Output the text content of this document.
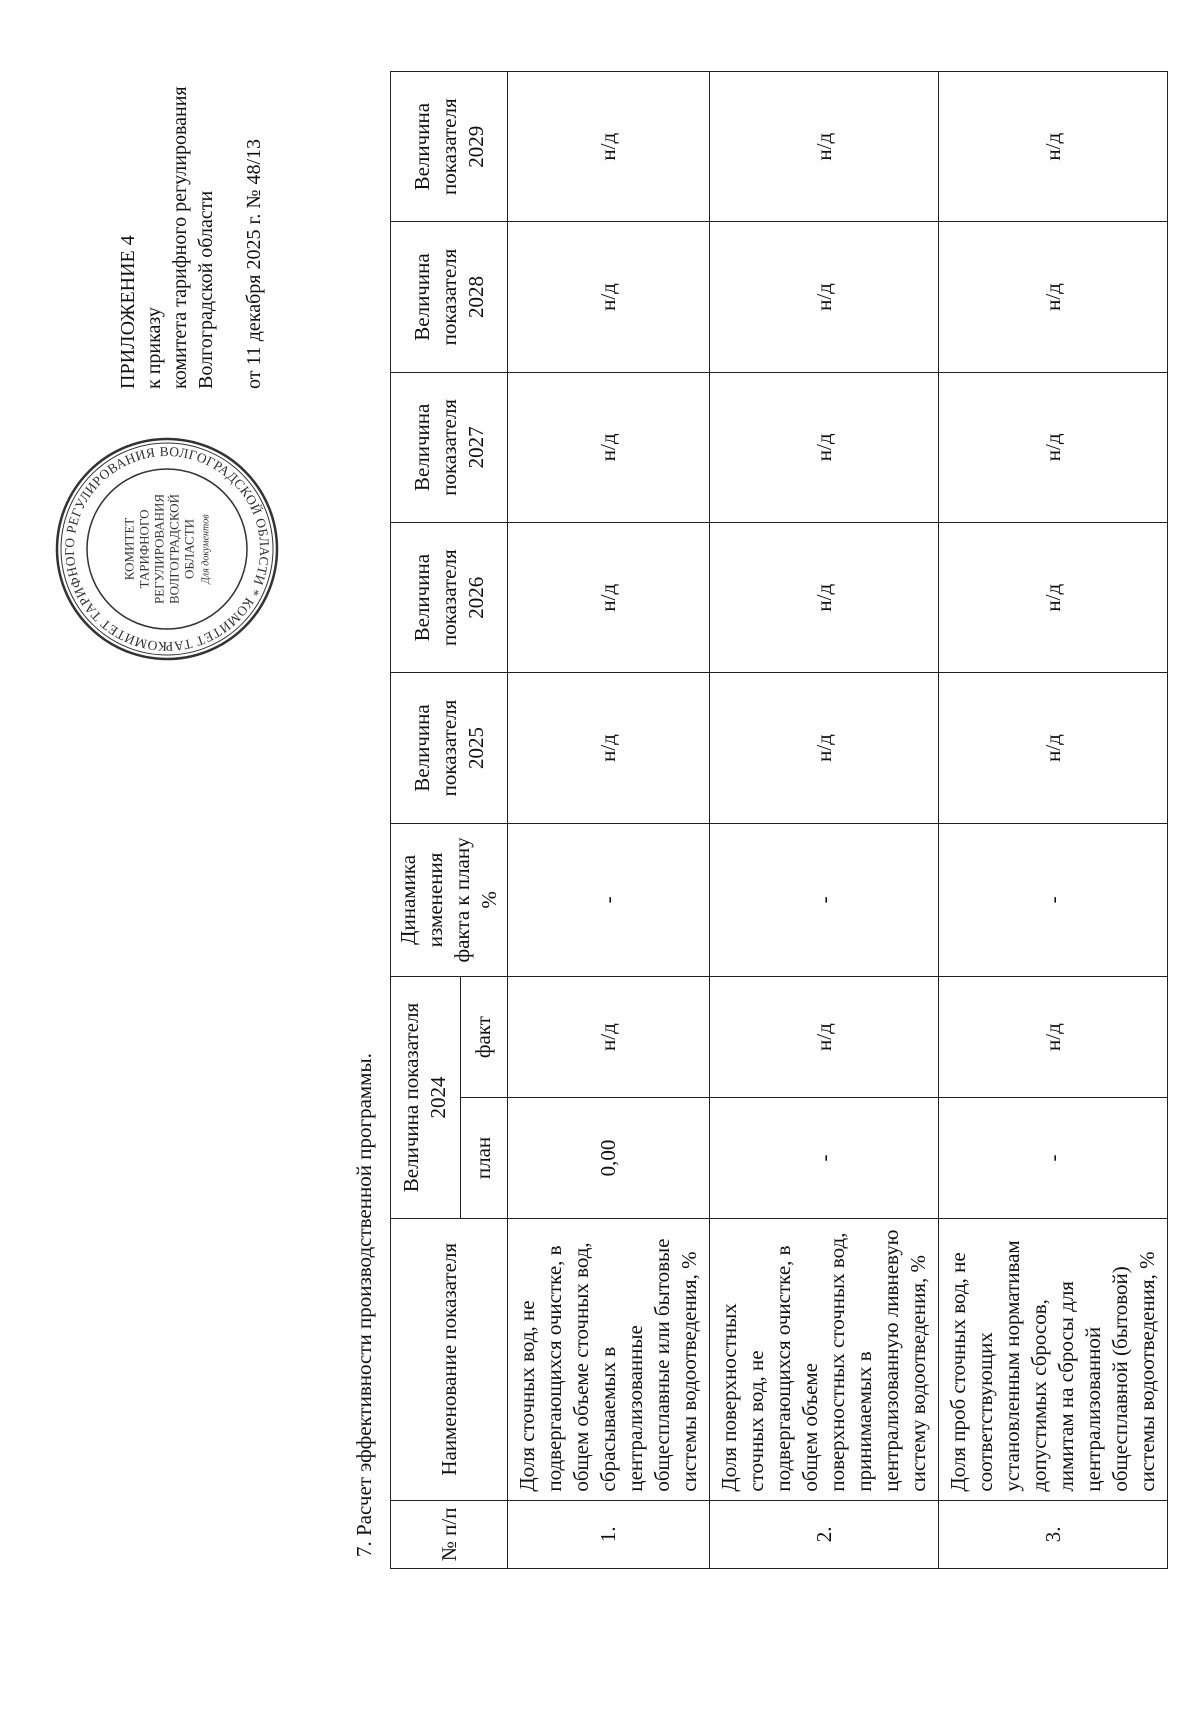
КОМИТЕТ ТАРИФНОГО РЕГУЛИРОВАНИЯ ВОЛГОГРАДСКОЙ ОБЛАСТИ * КОМИТЕТ ТАР
КОМИТЕТ ТАРИФНОГО РЕГУЛИРОВАНИЯ ВОЛГОГРАДСКОЙ ОБЛАСТИ Для документов
ПРИЛОЖЕНИЕ 4 к приказу комитета тарифного регулирования Волгоградской области от 11 декабря 2025 г. № 48/13
7. Расчет эффективности производственной программы.	№ п/п	Наименование показателя	Величина показателя 2024		Динамика изменения факта к плану %	Величина показателя 2025	Величина показателя 2026	Величина показателя 2027	Величина показателя 2028	Величина показателя 2029
		план	факт						
1.	Доля сточных вод, не подвергающихся очистке, в общем объеме сточных вод, сбрасываемых в централизованные общесплавные или бытовые системы водоотведения, %	0,00	н/д	-	н/д	н/д	н/д	н/д	н/д
2.	Доля поверхностных сточных вод, не подвергающихся очистке, в общем объеме поверхностных сточных вод, принимаемых в централизованную ливневую систему водоотведения, %	-	н/д	-	н/д	н/д	н/д	н/д	н/д
3.	Доля проб сточных вод, не соответствующих установленным нормативам допустимых сбросов, лимитам на сбросы для централизованной общесплавной (бытовой) системы водоотведения, %	-	н/д	-	н/д	н/д	н/д	н/д	н/д
